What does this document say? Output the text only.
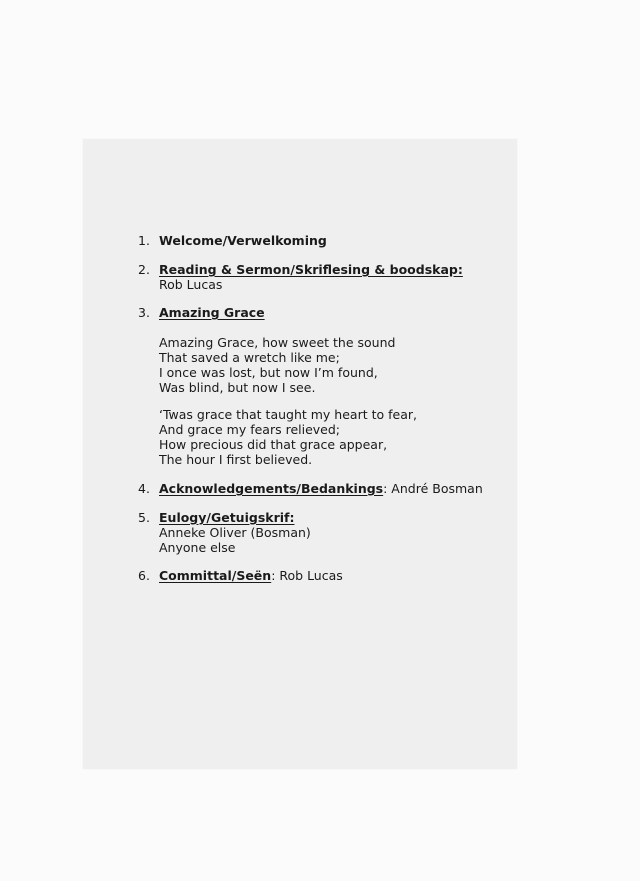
1. Welcome/Verwelkoming
2. Reading & Sermon/Skriflesing & boodskap:
Rob Lucas
3. Amazing Grace
Amazing Grace, how sweet the sound
That saved a wretch like me;
I once was lost, but now I’m found,
Was blind, but now I see.
‘Twas grace that taught my heart to fear,
And grace my fears relieved;
How precious did that grace appear,
The hour I first believed.
4. Acknowledgements/Bedankings: André Bosman
5. Eulogy/Getuigskrif:
Anneke Oliver (Bosman)
Anyone else
6. Committal/Seën: Rob Lucas
